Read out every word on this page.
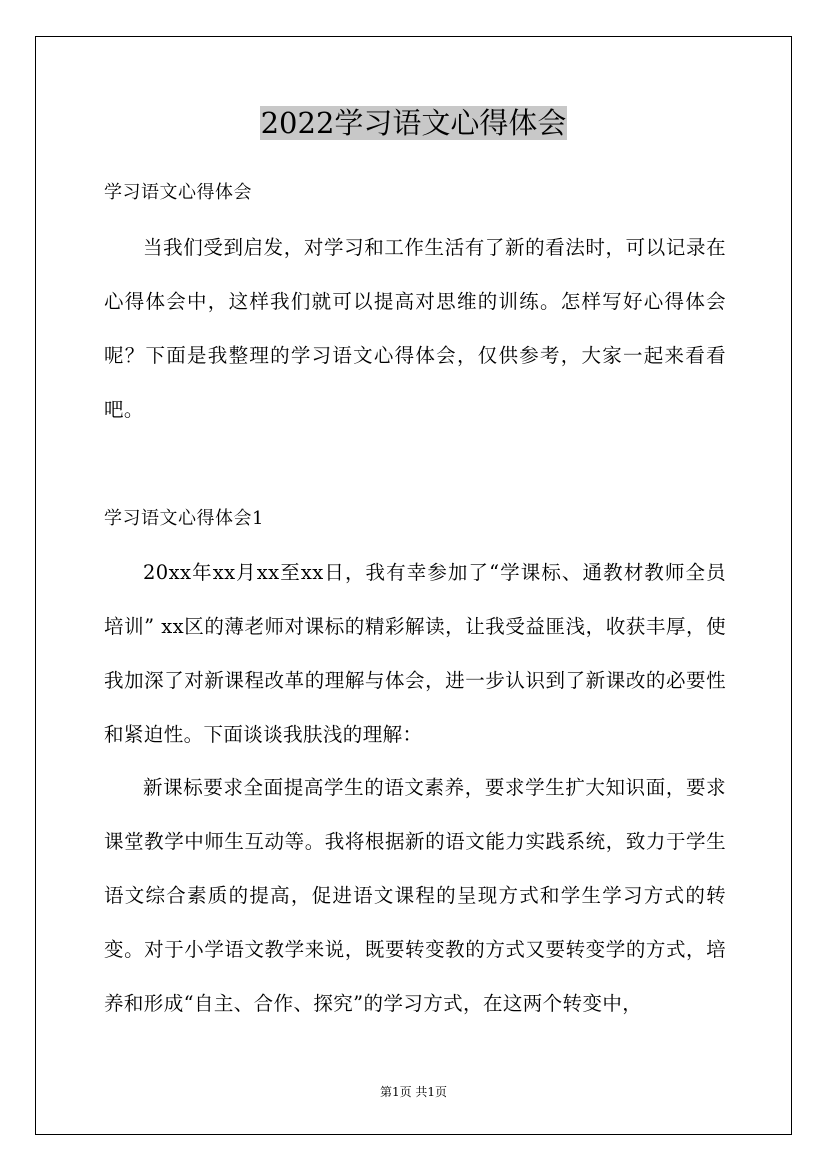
2022学习语文心得体会

学习语文心得体会

当我们受到启发，对学习和工作生活有了新的看法时，可以记录在心得体会中，这样我们就可以提高对思维的训练。怎样写好心得体会呢？下面是我整理的学习语文心得体会，仅供参考，大家一起来看看吧。

学习语文心得体会1

20xx年xx月xx至xx日，我有幸参加了“学课标、通教材教师全员培训” xx区的薄老师对课标的精彩解读，让我受益匪浅，收获丰厚，使我加深了对新课程改革的理解与体会，进一步认识到了新课改的必要性和紧迫性。下面谈谈我肤浅的理解：

新课标要求全面提高学生的语文素养，要求学生扩大知识面，要求课堂教学中师生互动等。我将根据新的语文能力实践系统，致力于学生语文综合素质的提高，促进语文课程的呈现方式和学生学习方式的转变。对于小学语文教学来说，既要转变教的方式又要转变学的方式，培养和形成“自主、合作、探究”的学习方式，在这两个转变中，

第1页 共1页
